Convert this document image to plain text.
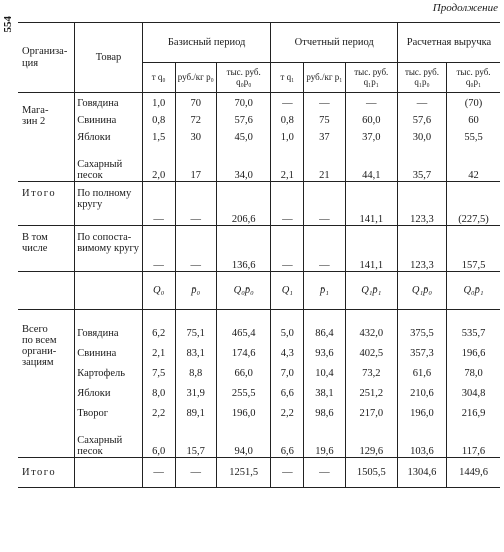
554
Продолжение
Организа-
ция	Товар	Базисный период			Отчетный период			Расчетная выручка	
		т q₀	руб./кг p₀	тыс. руб. q₀p₀	т q₁	руб./кг p₁	тыс. руб. q₁p₁	тыс. руб. q₁p₀	тыс. руб. q₀p₁
Мага-
зин 2	Говядина	1,0	70	70,0	—	—	—	—	(70)
	Свинина	0,8	72	57,6	0,8	75	60,0	57,6	60
	Яблоки	1,5	30	45,0	1,0	37	37,0	30,0	55,5
	Сахарный
песок	2,0	17	34,0	2,1	21	44,1	35,7	42
Итого	По полному
кругу	—	—	206,6	—	—	141,1	123,3	(227,5)
В том
числе	По сопоста-
вимому кругу	—	—	136,6	—	—	141,1	123,3	157,5
		Q₀	p̄₀	Q₀p̄₀	Q₁	p̄₁	Q₁p̄₁	Q₁p̄₀	Q₀p̄₁
Всего
по всем
органи-
зациям	Говядина	6,2	75,1	465,4	5,0	86,4	432,0	375,5	535,7
	Свинина	2,1	83,1	174,6	4,3	93,6	402,5	357,3	196,6
	Картофель	7,5	8,8	66,0	7,0	10,4	73,2	61,6	78,0
	Яблоки	8,0	31,9	255,5	6,6	38,1	251,2	210,6	304,8
	Творог	2,2	89,1	196,0	2,2	98,6	217,0	196,0	216,9
	Сахарный
песок	6,0	15,7	94,0	6,6	19,6	129,6	103,6	117,6
Итого		—	—	1251,5	—	—	1505,5	1304,6	1449,6
